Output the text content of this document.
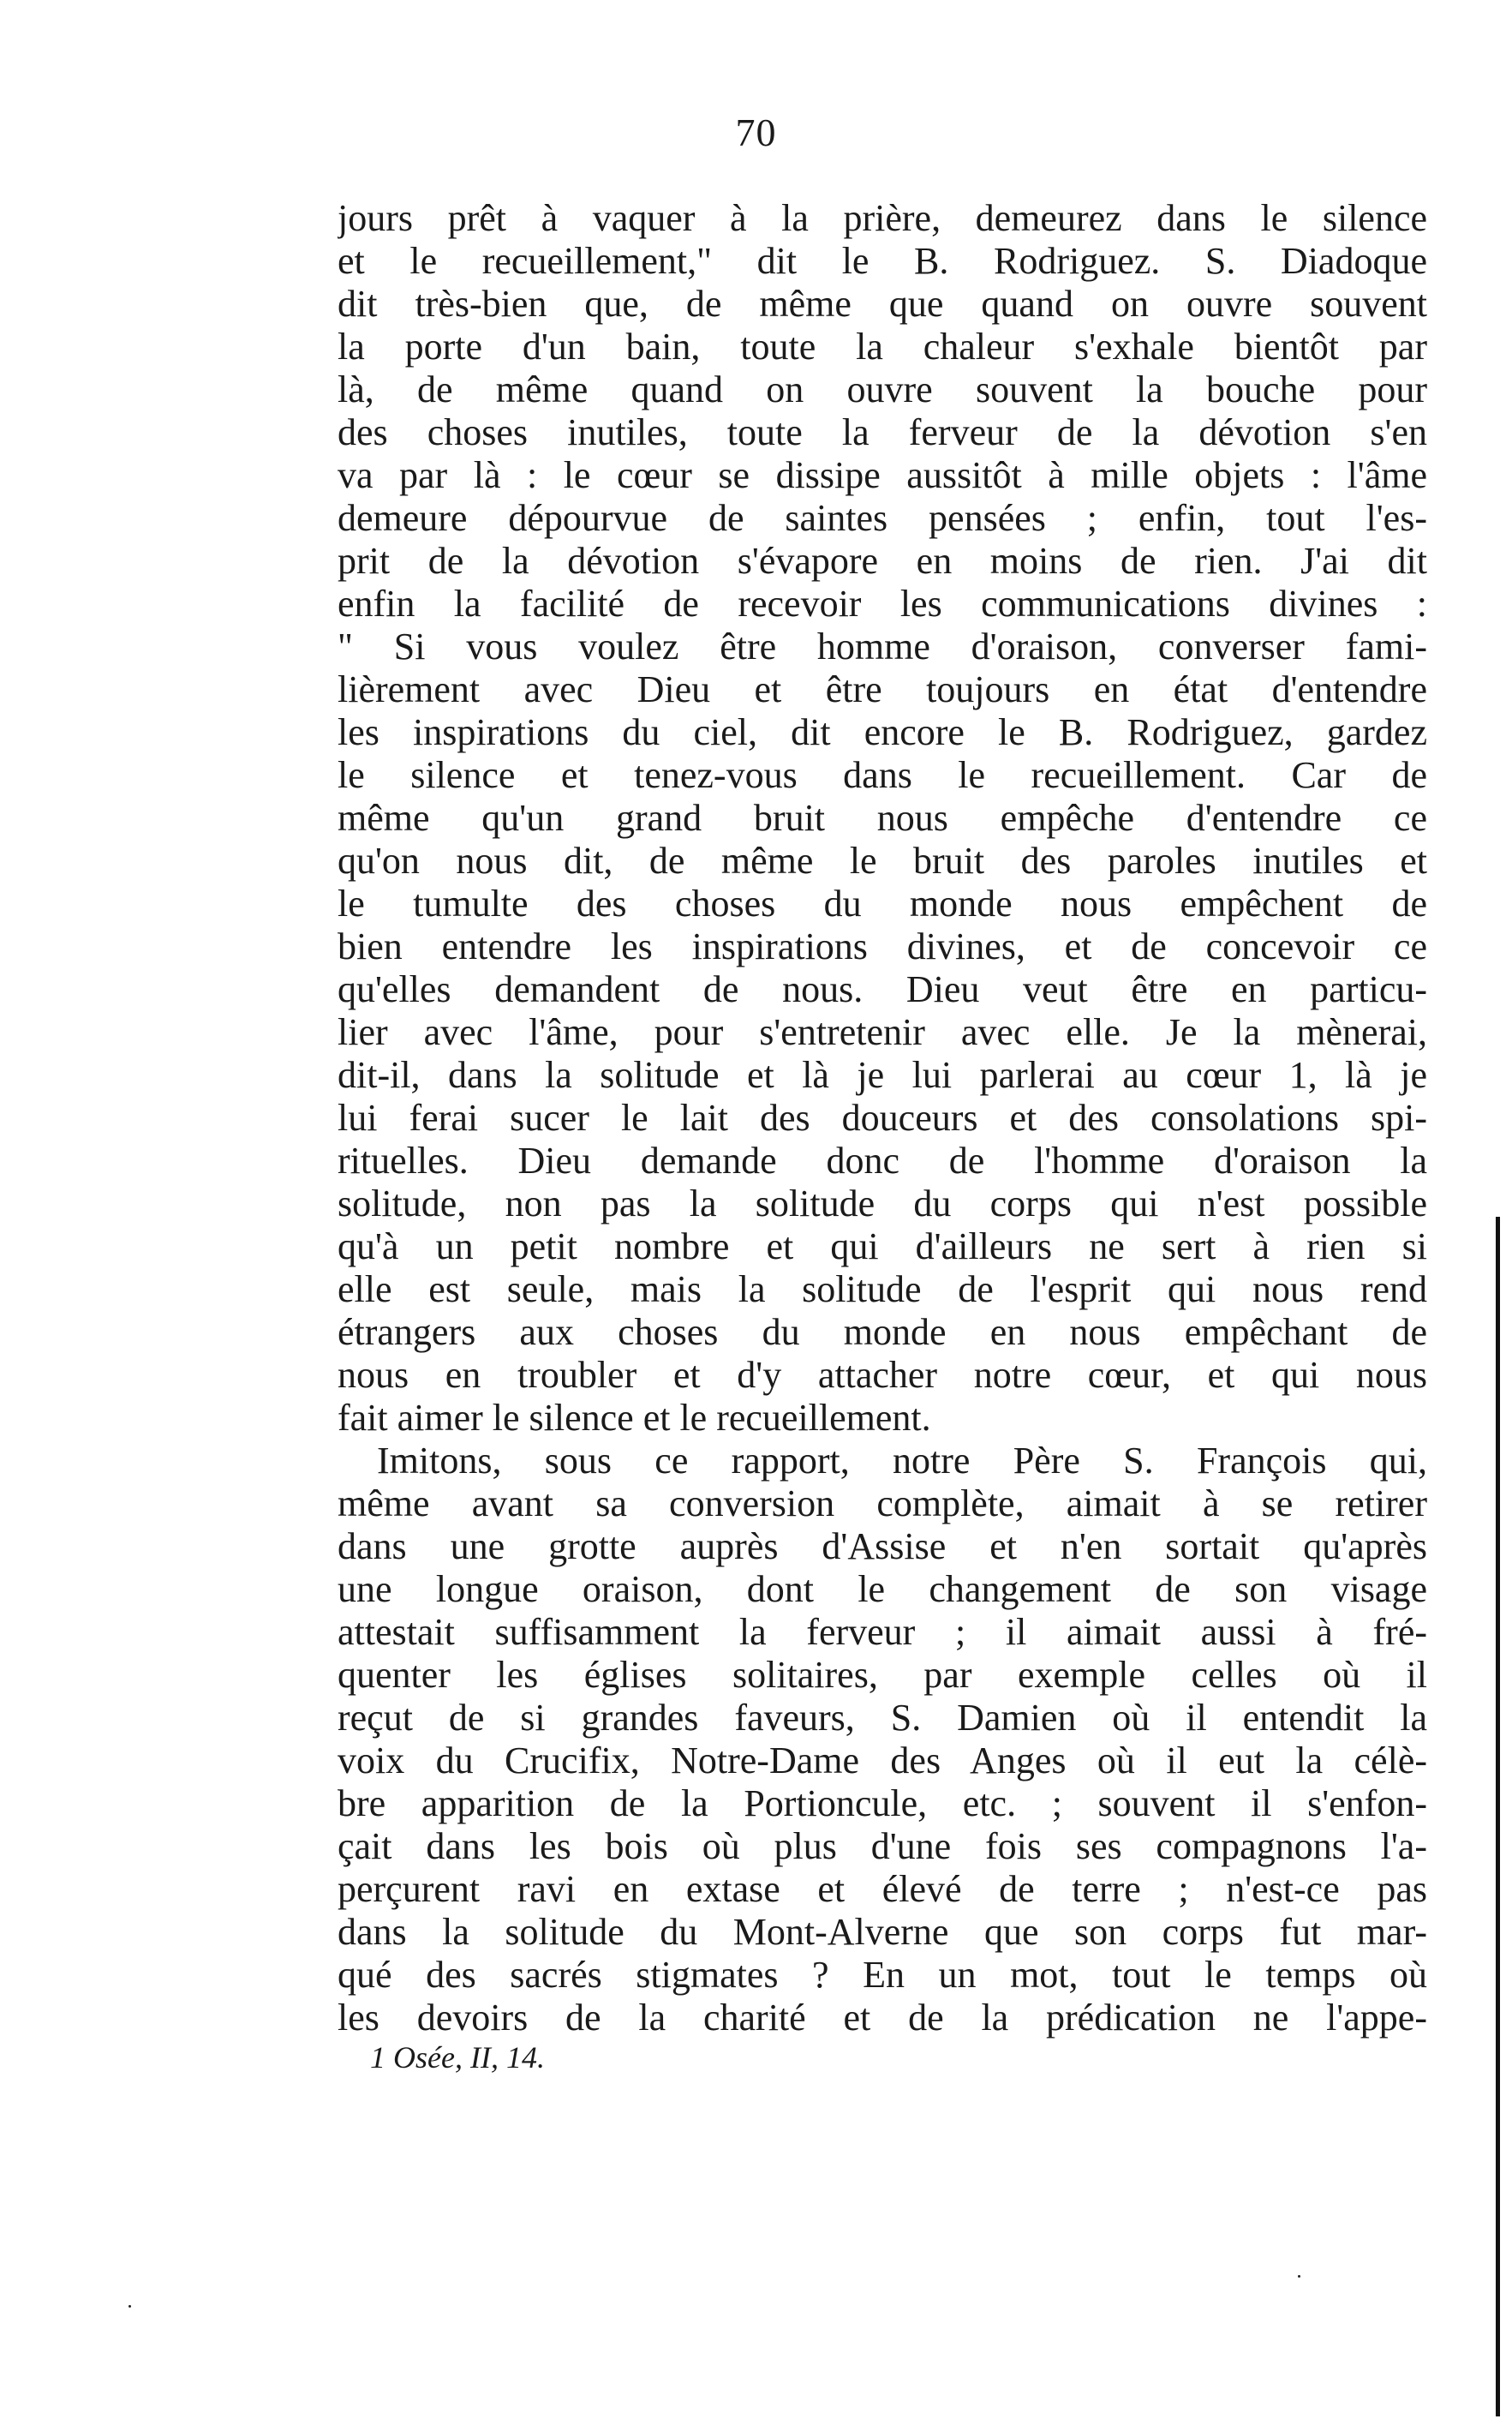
70
jours prêt à vaquer à la prière, demeurez dans le silence
et le recueillement," dit le B. Rodriguez. S. Diadoque
dit très-bien que, de même que quand on ouvre souvent
la porte d'un bain, toute la chaleur s'exhale bientôt par
là, de même quand on ouvre souvent la bouche pour
des choses inutiles, toute la ferveur de la dévotion s'en
va par là : le cœur se dissipe aussitôt à mille objets : l'âme
demeure dépourvue de saintes pensées ; enfin, tout l'es-
prit de la dévotion s'évapore en moins de rien. J'ai dit
enfin la facilité de recevoir les communications divines :
" Si vous voulez être homme d'oraison, converser fami-
lièrement avec Dieu et être toujours en état d'entendre
les inspirations du ciel, dit encore le B. Rodriguez, gardez
le silence et tenez-vous dans le recueillement. Car de
même qu'un grand bruit nous empêche d'entendre ce
qu'on nous dit, de même le bruit des paroles inutiles et
le tumulte des choses du monde nous empêchent de
bien entendre les inspirations divines, et de concevoir ce
qu'elles demandent de nous. Dieu veut être en particu-
lier avec l'âme, pour s'entretenir avec elle. Je la mènerai,
dit-il, dans la solitude et là je lui parlerai au cœur 1, là je
lui ferai sucer le lait des douceurs et des consolations spi-
rituelles. Dieu demande donc de l'homme d'oraison la
solitude, non pas la solitude du corps qui n'est possible
qu'à un petit nombre et qui d'ailleurs ne sert à rien si
elle est seule, mais la solitude de l'esprit qui nous rend
étrangers aux choses du monde en nous empêchant de
nous en troubler et d'y attacher notre cœur, et qui nous
fait aimer le silence et le recueillement.
Imitons, sous ce rapport, notre Père S. François qui,
même avant sa conversion complète, aimait à se retirer
dans une grotte auprès d'Assise et n'en sortait qu'après
une longue oraison, dont le changement de son visage
attestait suffisamment la ferveur ; il aimait aussi à fré-
quenter les églises solitaires, par exemple celles où il
reçut de si grandes faveurs, S. Damien où il entendit la
voix du Crucifix, Notre-Dame des Anges où il eut la célè-
bre apparition de la Portioncule, etc. ; souvent il s'enfon-
çait dans les bois où plus d'une fois ses compagnons l'a-
perçurent ravi en extase et élevé de terre ; n'est-ce pas
dans la solitude du Mont-Alverne que son corps fut mar-
qué des sacrés stigmates ? En un mot, tout le temps où
les devoirs de la charité et de la prédication ne l'appe-
1 Osée, II, 14.
